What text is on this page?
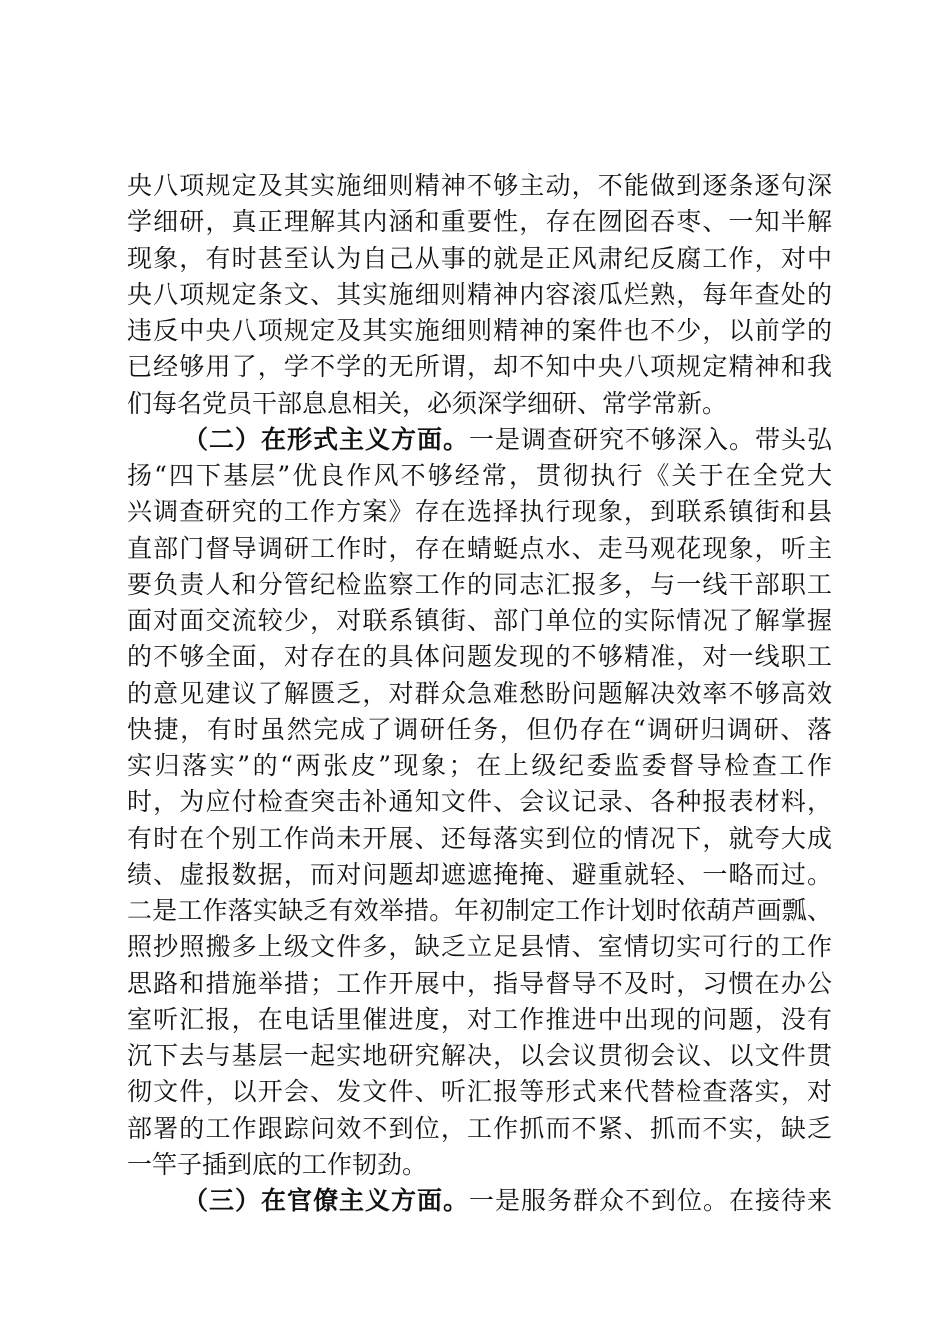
央八项规定及其实施细则精神不够主动，不能做到逐条逐句深
学细研，真正理解其内涵和重要性，存在囫囵吞枣、一知半解
现象，有时甚至认为自己从事的就是正风肃纪反腐工作，对中
央八项规定条文、其实施细则精神内容滚瓜烂熟，每年查处的
违反中央八项规定及其实施细则精神的案件也不少，以前学的
已经够用了，学不学的无所谓，却不知中央八项规定精神和我
们每名党员干部息息相关，必须深学细研、常学常新。
（二）在形式主义方面。一是调查研究不够深入。带头弘
扬“四下基层”优良作风不够经常，贯彻执行《关于在全党大
兴调查研究的工作方案》存在选择执行现象，到联系镇街和县
直部门督导调研工作时，存在蜻蜓点水、走马观花现象，听主
要负责人和分管纪检监察工作的同志汇报多，与一线干部职工
面对面交流较少，对联系镇街、部门单位的实际情况了解掌握
的不够全面，对存在的具体问题发现的不够精准，对一线职工
的意见建议了解匮乏，对群众急难愁盼问题解决效率不够高效
快捷，有时虽然完成了调研任务，但仍存在“调研归调研、落
实归落实”的“两张皮”现象；在上级纪委监委督导检查工作
时，为应付检查突击补通知文件、会议记录、各种报表材料，
有时在个别工作尚未开展、还每落实到位的情况下，就夸大成
绩、虚报数据，而对问题却遮遮掩掩、避重就轻、一略而过。
二是工作落实缺乏有效举措。年初制定工作计划时依葫芦画瓢、
照抄照搬多上级文件多，缺乏立足县情、室情切实可行的工作
思路和措施举措；工作开展中，指导督导不及时，习惯在办公
室听汇报，在电话里催进度，对工作推进中出现的问题，没有
沉下去与基层一起实地研究解决，以会议贯彻会议、以文件贯
彻文件，以开会、发文件、听汇报等形式来代替检查落实，对
部署的工作跟踪问效不到位，工作抓而不紧、抓而不实，缺乏
一竿子插到底的工作韧劲。
（三）在官僚主义方面。一是服务群众不到位。在接待来
